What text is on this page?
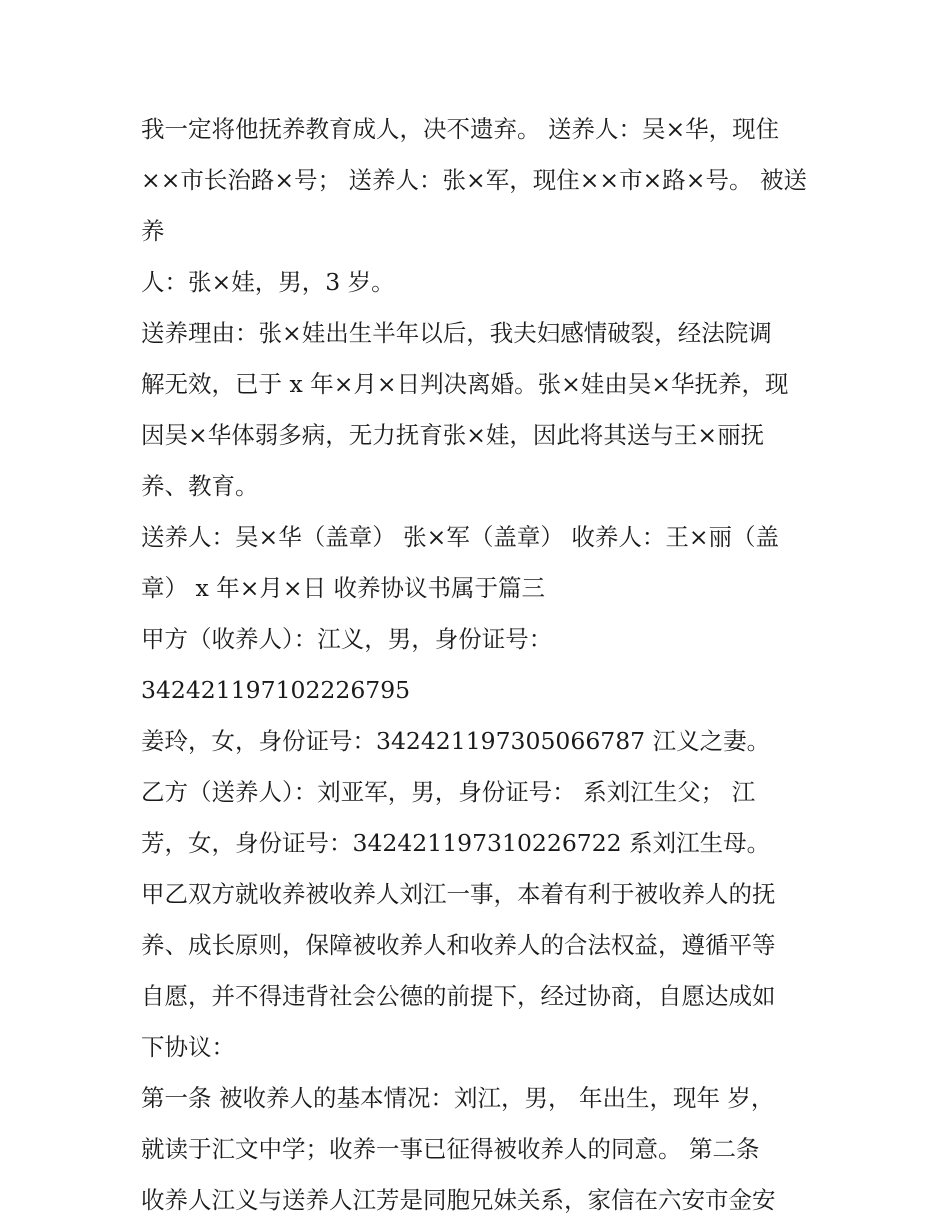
我一定将他抚养教育成人，决不遗弃。 送养人：吴×华，现住
××市长治路×号； 送养人：张×军，现住××市×路×号。 被送养
人：张×娃，男，3 岁。

送养理由：张×娃出生半年以后，我夫妇感情破裂，经法院调
解无效，已于 x 年×月×日判决离婚。张×娃由吴×华抚养，现
因吴×华体弱多病，无力抚育张×娃，因此将其送与王×丽抚
养、教育。

送养人：吴×华（盖章） 张×军（盖章） 收养人：王×丽（盖
章） x 年×月×日 收养协议书属于篇三

甲方（收养人）：江义，男，身份证号：342421197102226795
姜玲，女，身份证号：342421197305066787 江义之妻。

乙方（送养人）：刘亚军，男，身份证号： 系刘江生父； 江
芳，女，身份证号：342421197310226722 系刘江生母。

甲乙双方就收养被收养人刘江一事，本着有利于被收养人的抚
养、成长原则，保障被收养人和收养人的合法权益，遵循平等
自愿，并不得违背社会公德的前提下，经过协商，自愿达成如
下协议：

第一条 被收养人的基本情况：刘江，男， 年出生，现年 岁，
就读于汇文中学；收养一事已征得被收养人的同意。 第二条
收养人江义与送养人江芳是同胞兄妹关系，家信在六安市金安
